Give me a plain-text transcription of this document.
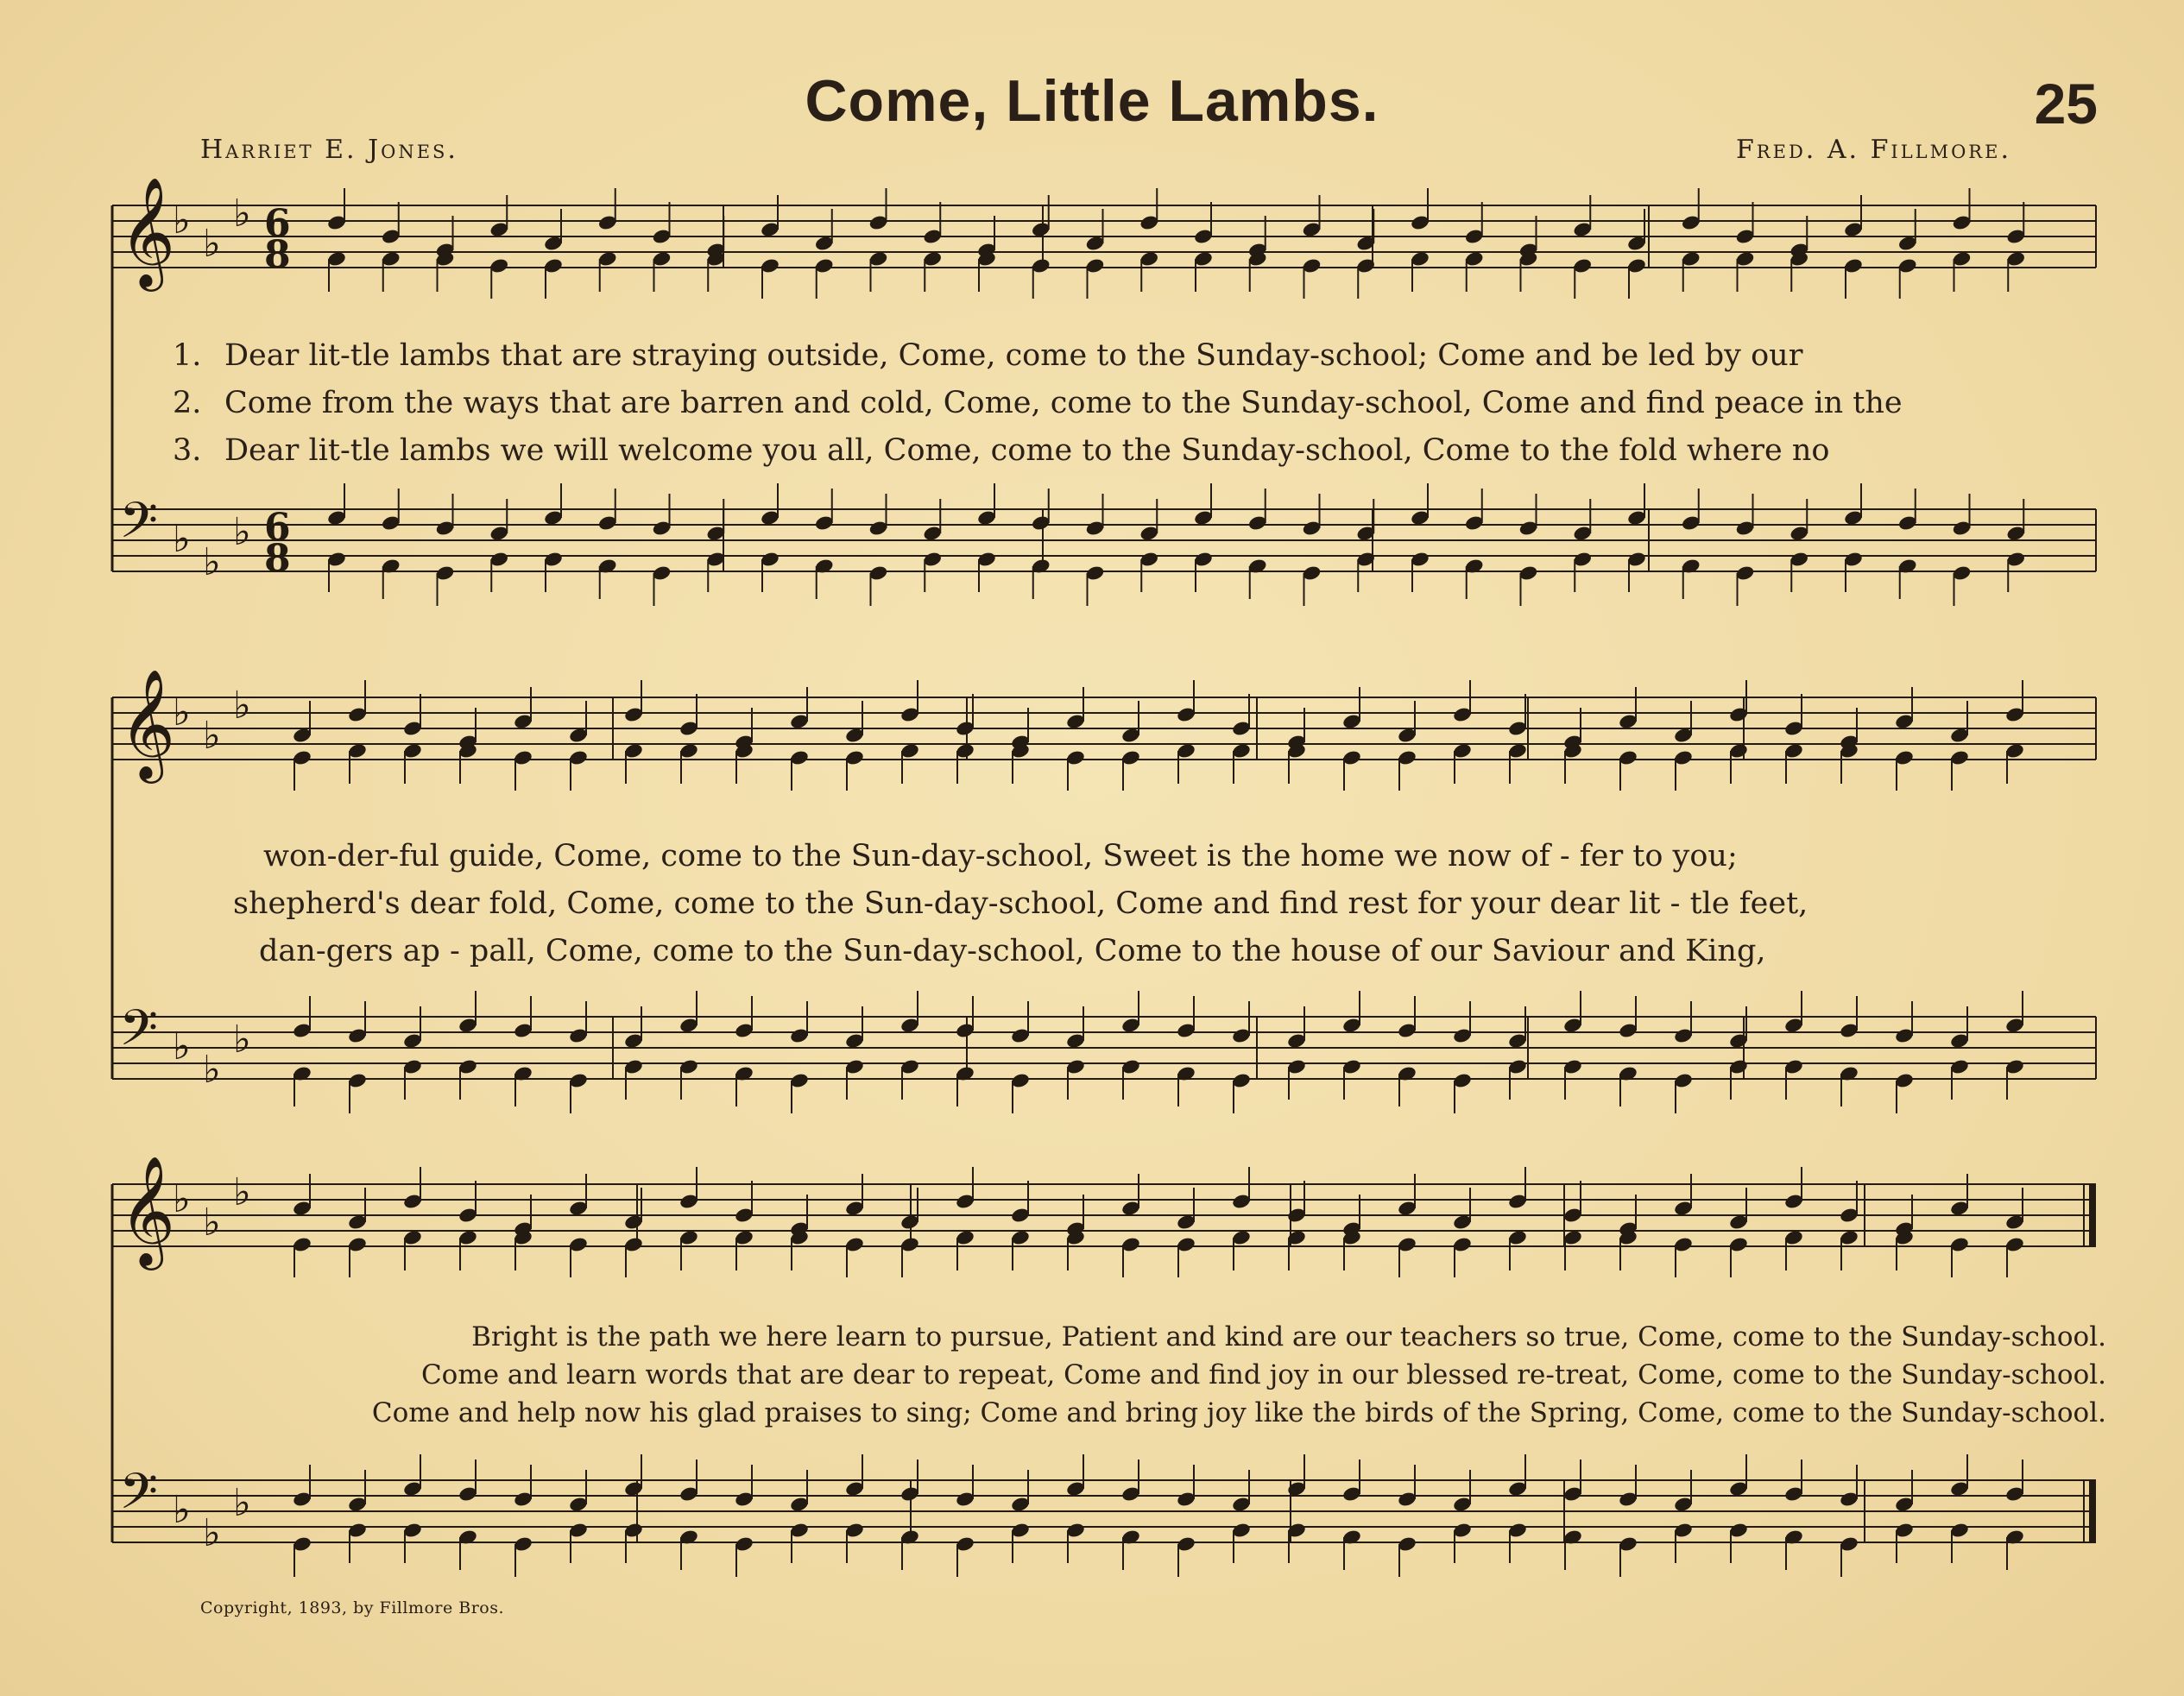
Come, Little Lambs.	25
Harriet E. Jones.	Fred. A. Fillmore.
𝄞
♭
♭
♭ 6
8
𝄢 ♭
♭
♭ 6
8
𝄞
♭
♭
♭
𝄢 ♭
♭
♭
𝄞
♭
♭
♭
𝄢 ♭
♭
♭
1. Dear lit-tle lambs that are straying outside, Come, come to the Sunday-school; Come and be led by our
2. Come from the ways that are barren and cold, Come, come to the Sunday-school, Come and find peace in the
3. Dear lit-tle lambs we will welcome you all, Come, come to the Sunday-school, Come to the fold where no
won-der-ful guide, Come, come to the Sun-day-school, Sweet is the home we now of - fer to you;
shepherd's dear fold, Come, come to the Sun-day-school, Come and find rest for your dear lit - tle feet,
dan-gers ap - pall, Come, come to the Sun-day-school, Come to the house of our Saviour and King,
Bright is the path we here learn to pursue, Patient and kind are our teachers so true, Come, come to the Sunday-school.
Come and learn words that are dear to repeat, Come and find joy in our blessed re-treat, Come, come to the Sunday-school.
Come and help now his glad praises to sing; Come and bring joy like the birds of the Spring, Come, come to the Sunday-school.
Copyright, 1893, by Fillmore Bros.
